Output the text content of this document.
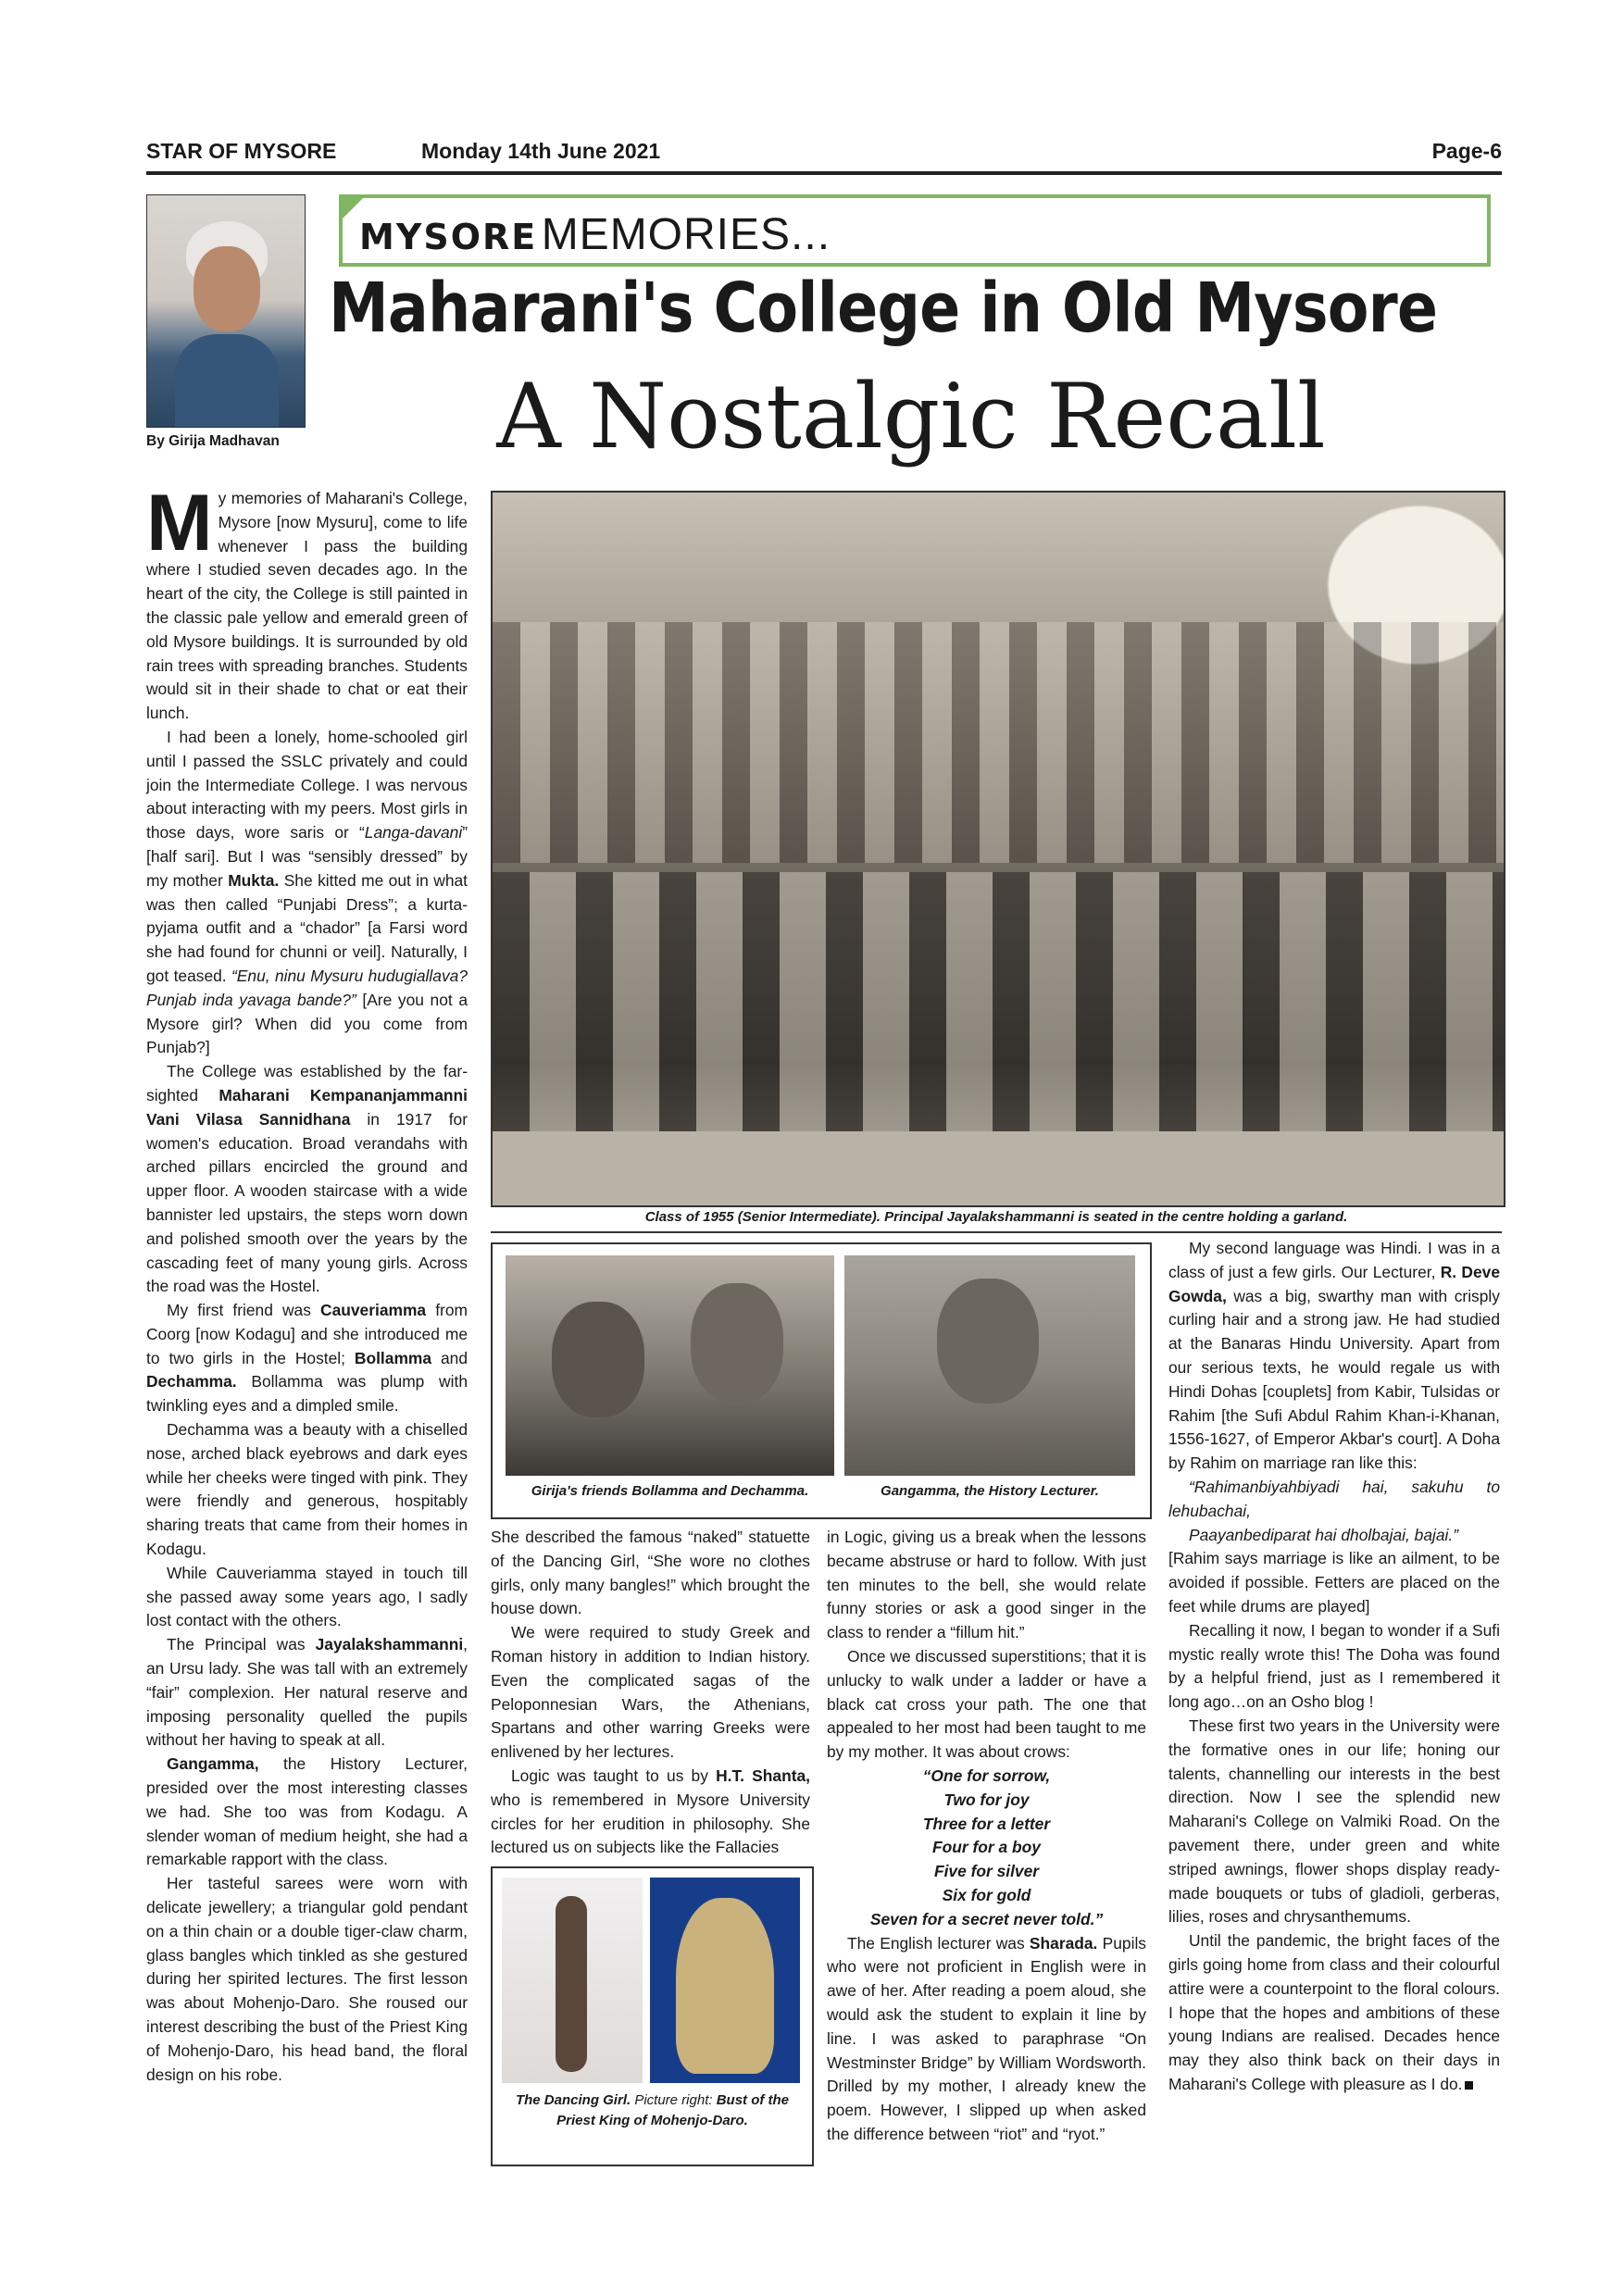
STAR OF MYSORE	Monday 14th June 2021	Page-6
By Girija Madhavan
MYSORE MEMORIES...
Maharani's College in Old Mysore
A Nostalgic Recall
Class of 1955 (Senior Intermediate). Principal Jayalakshammanni is seated in the centre holding a garland.
Girija's friends Bollamma and Dechamma.	Gangamma, the History Lecturer.
The Dancing Girl. Picture right: Bust of the Priest King of Mohenjo-Daro.

My memories of Maharani's College, Mysore [now Mysuru], come to life whenever I pass the building where I studied seven decades ago. In the heart of the city, the College is still painted in the classic pale yellow and emerald green of old Mysore buildings. It is surrounded by old rain trees with spreading branches. Students would sit in their shade to chat or eat their lunch.

I had been a lonely, home-schooled girl until I passed the SSLC privately and could join the Intermediate College. I was nervous about interacting with my peers. Most girls in those days, wore saris or “Langa-davani” [half sari]. But I was “sensibly dressed” by my mother Mukta. She kitted me out in what was then called “Punjabi Dress”; a kurta-pyjama outfit and a “chador” [a Farsi word she had found for chunni or veil]. Naturally, I got teased. “Enu, ninu Mysuru hudugiallava? Punjab inda yavaga bande?” [Are you not a Mysore girl? When did you come from Punjab?]

The College was established by the far-sighted Maharani Kempananjammanni Vani Vilasa Sannidhana in 1917 for women's education. Broad verandahs with arched pillars encircled the ground and upper floor. A wooden staircase with a wide bannister led upstairs, the steps worn down and polished smooth over the years by the cascading feet of many young girls. Across the road was the Hostel.

My first friend was Cauveriamma from Coorg [now Kodagu] and she introduced me to two girls in the Hostel; Bollamma and Dechamma. Bollamma was plump with twinkling eyes and a dimpled smile.

Dechamma was a beauty with a chiselled nose, arched black eyebrows and dark eyes while her cheeks were tinged with pink. They were friendly and generous, hospitably sharing treats that came from their homes in Kodagu.

While Cauveriamma stayed in touch till she passed away some years ago, I sadly lost contact with the others.

The Principal was Jayalakshammanni, an Ursu lady. She was tall with an extremely “fair” complexion. Her natural reserve and imposing personality quelled the pupils without her having to speak at all.

Gangamma, the History Lecturer, presided over the most interesting classes we had. She too was from Kodagu. A slender woman of medium height, she had a remarkable rapport with the class.

Her tasteful sarees were worn with delicate jewellery; a triangular gold pendant on a thin chain or a double tiger-claw charm, glass bangles which tinkled as she gestured during her spirited lectures. The first lesson was about Mohenjo-Daro. She roused our interest describing the bust of the Priest King of Mohenjo-Daro, his head band, the floral design on his robe.

She described the famous “naked” statuette of the Dancing Girl, “She wore no clothes girls, only many bangles!” which brought the house down.

We were required to study Greek and Roman history in addition to Indian history. Even the complicated sagas of the Peloponnesian Wars, the Athenians, Spartans and other warring Greeks were enlivened by her lectures.

Logic was taught to us by H.T. Shanta, who is remembered in Mysore University circles for her erudition in philosophy. She lectured us on subjects like the Fallacies

in Logic, giving us a break when the lessons became abstruse or hard to follow. With just ten minutes to the bell, she would relate funny stories or ask a good singer in the class to render a “fillum hit.”

Once we discussed superstitions; that it is unlucky to walk under a ladder or have a black cat cross your path. The one that appealed to her most had been taught to me by my mother. It was about crows:

“One for sorrow,

Two for joy

Three for a letter

Four for a boy

Five for silver

Six for gold

Seven for a secret never told.”

The English lecturer was Sharada. Pupils who were not proficient in English were in awe of her. After reading a poem aloud, she would ask the student to explain it line by line. I was asked to paraphrase “On Westminster Bridge” by William Wordsworth. Drilled by my mother, I already knew the poem. However, I slipped up when asked the difference between “riot” and “ryot.”

My second language was Hindi. I was in a class of just a few girls. Our Lecturer, R. Deve Gowda, was a big, swarthy man with crisply curling hair and a strong jaw. He had studied at the Banaras Hindu University. Apart from our serious texts, he would regale us with Hindi Dohas [couplets] from Kabir, Tulsidas or Rahim [the Sufi Abdul Rahim Khan-i-Khanan, 1556-1627, of Emperor Akbar's court]. A Doha by Rahim on marriage ran like this:

“Rahimanbiyahbiyadi hai, sakuhu to lehubachai,

Paayanbediparat hai dholbajai, bajai.”

[Rahim says marriage is like an ailment, to be avoided if possible. Fetters are placed on the feet while drums are played]

Recalling it now, I began to wonder if a Sufi mystic really wrote this! The Doha was found by a helpful friend, just as I remembered it long ago…on an Osho blog !

These first two years in the University were the formative ones in our life; honing our talents, channelling our interests in the best direction. Now I see the splendid new Maharani's College on Valmiki Road. On the pavement there, under green and white striped awnings, flower shops display ready-made bouquets or tubs of gladioli, gerberas, lilies, roses and chrysanthemums.

Until the pandemic, the bright faces of the girls going home from class and their colourful attire were a counterpoint to the floral colours. I hope that the hopes and ambitions of these young Indians are realised. Decades hence may they also think back on their days in Maharani's College with pleasure as I do.
